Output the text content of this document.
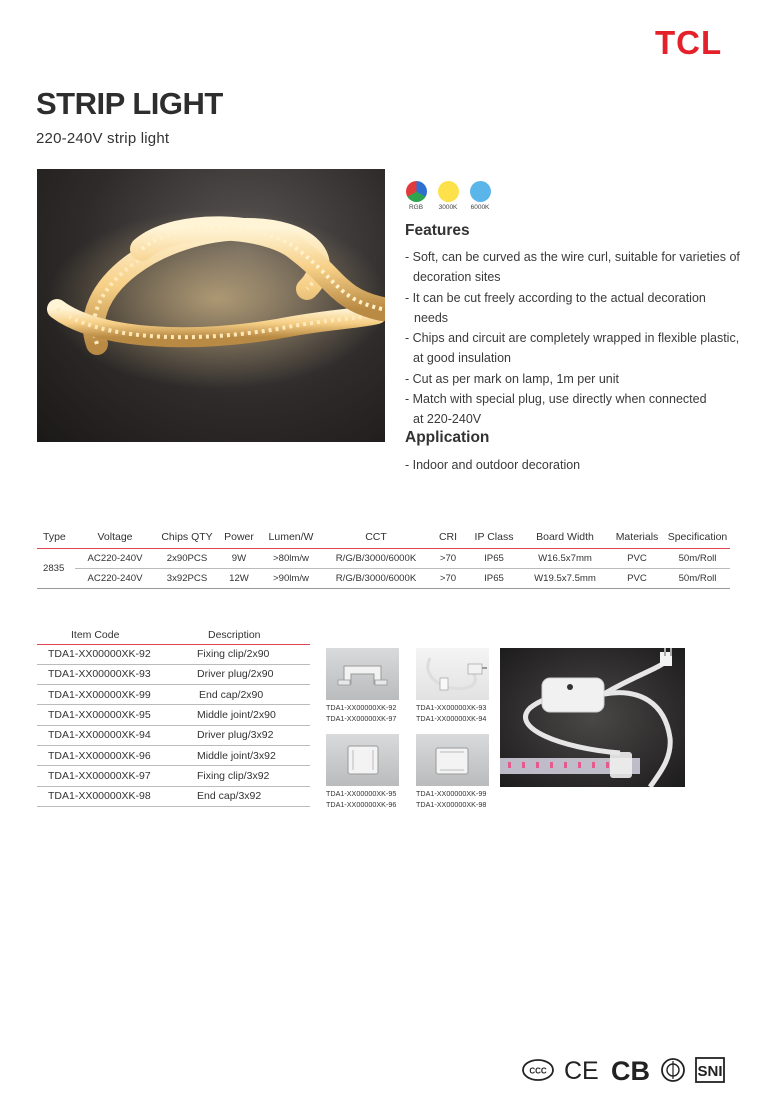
TCL
STRIP LIGHT
220-240V strip light
RGB 3000K 6000K
Features
- Soft, can be curved as the wire curl, suitable for varieties of
decoration sites
- It can be cut freely according to the actual decoration needs
- Chips and circuit are completely wrapped in flexible plastic,
at good insulation
- Cut as per mark on lamp, 1m per unit
- Match with special plug, use directly when connected
at 220-240V
Application
- Indoor and outdoor decoration
Type	Voltage	Chips QTY	Power	Lumen/W	CCT	CRI	IP Class	Board Width	Materials	Specification
2835	AC220-240V	2x90PCS	9W	>80lm/w	R/G/B/3000/6000K	>70	IP65	W16.5x7mm	PVC	50m/Roll
	AC220-240V	3x92PCS	12W	>90lm/w	R/G/B/3000/6000K	>70	IP65	W19.5x7.5mm	PVC	50m/Roll
Item Code	Description
TDA1-XX00000XK-92	Fixing clip/2x90
TDA1-XX00000XK-93	Driver plug/2x90
TDA1-XX00000XK-99	End cap/2x90
TDA1-XX00000XK-95	Middle joint/2x90
TDA1-XX00000XK-94	Driver plug/3x92
TDA1-XX00000XK-96	Middle joint/3x92
TDA1-XX00000XK-97	Fixing clip/3x92
TDA1-XX00000XK-98	End cap/3x92
TDA1-XX00000XK-92
TDA1-XX00000XK-97
TDA1-XX00000XK-93
TDA1-XX00000XK-94
TDA1-XX00000XK-95
TDA1-XX00000XK-96
TDA1-XX00000XK-99
TDA1-XX00000XK-98
CCC CE CB	SNI
